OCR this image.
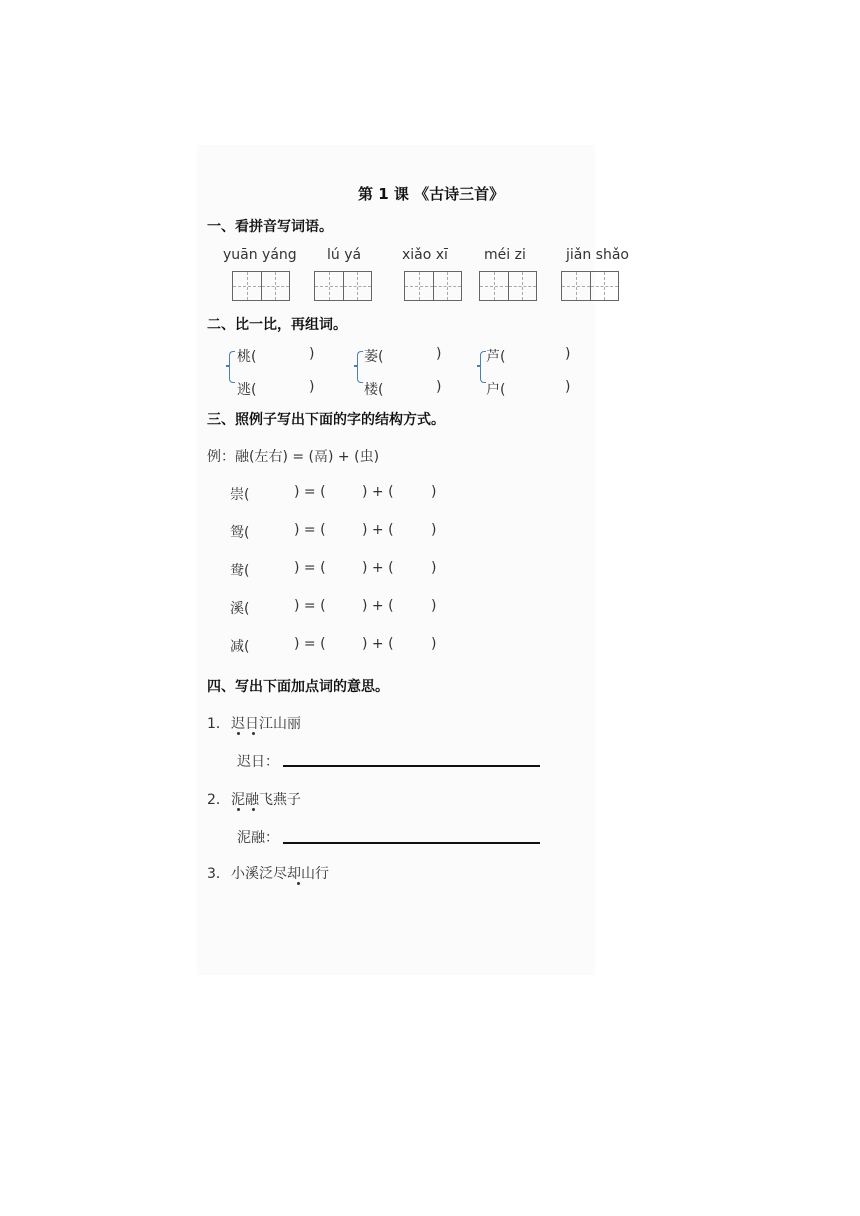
第 1 课 《古诗三首》
一、看拼音写词语。
yuān yáng lú yá	xiǎo xī	méi zi	jiǎn shǎo
二、比一比，再组词。
桃(	)
逃(	)
萎(	)
楼(	)
芦(	)
户(	)
三、照例子写出下面的字的结构方式。
例：融(左右) = (鬲) + (虫)
崇(	) = (	) + (	)
鸳(	) = (	) + (	)
鸯(	) = (	) + (	)
溪(	) = (	) + (	)
减(	) = (	) + (	)
四、写出下面加点词的意思。
1． 迟日江山丽
迟日：
2． 泥融飞燕子
泥融：
3． 小溪泛尽却山行
